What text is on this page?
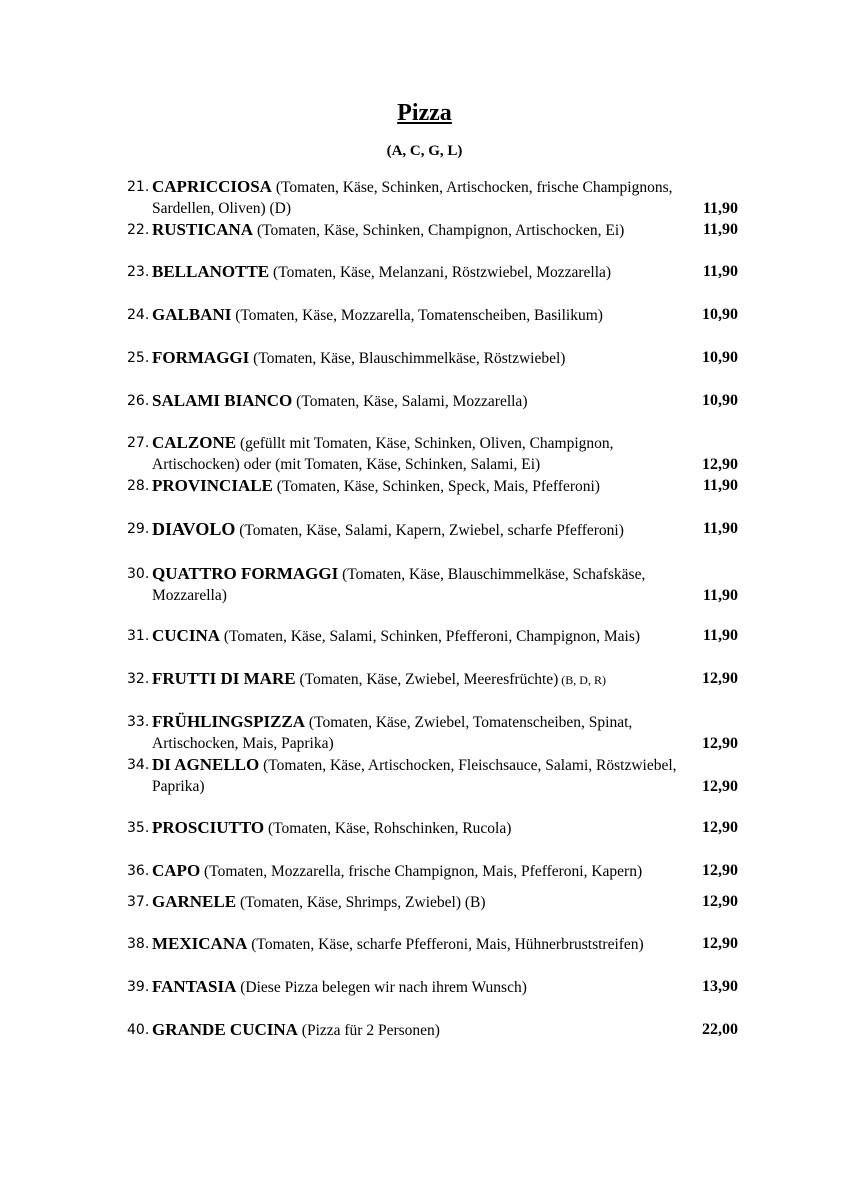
Pizza
(A, C, G, L)
21. CAPRICCIOSA (Tomaten, Käse, Schinken, Artischocken, frische Champignons,
Sardellen, Oliven) (D)	11,90
22. RUSTICANA (Tomaten, Käse, Schinken, Champignon, Artischocken, Ei)	11,90
23. BELLANOTTE (Tomaten, Käse, Melanzani, Röstzwiebel, Mozzarella)	11,90
24. GALBANI (Tomaten, Käse, Mozzarella, Tomatenscheiben, Basilikum)	10,90
25. FORMAGGI (Tomaten, Käse, Blauschimmelkäse, Röstzwiebel)	10,90
26. SALAMI BIANCO (Tomaten, Käse, Salami, Mozzarella)	10,90
27. CALZONE (gefüllt mit Tomaten, Käse, Schinken, Oliven, Champignon,
Artischocken) oder (mit Tomaten, Käse, Schinken, Salami, Ei)	12,90
28. PROVINCIALE (Tomaten, Käse, Schinken, Speck, Mais, Pfefferoni)	11,90
29. DIAVOLO (Tomaten, Käse, Salami, Kapern, Zwiebel, scharfe Pfefferoni)	11,90
30. QUATTRO FORMAGGI (Tomaten, Käse, Blauschimmelkäse, Schafskäse,
Mozzarella)	11,90
31. CUCINA (Tomaten, Käse, Salami, Schinken, Pfefferoni, Champignon, Mais)	11,90
32. FRUTTI DI MARE (Tomaten, Käse, Zwiebel, Meeresfrüchte) (B, D, R)	12,90
33. FRÜHLINGSPIZZA (Tomaten, Käse, Zwiebel, Tomatenscheiben, Spinat,
Artischocken, Mais, Paprika)	12,90
34. DI AGNELLO (Tomaten, Käse, Artischocken, Fleischsauce, Salami, Röstzwiebel,
Paprika)	12,90
35. PROSCIUTTO (Tomaten, Käse, Rohschinken, Rucola)	12,90
36. CAPO (Tomaten, Mozzarella, frische Champignon, Mais, Pfefferoni, Kapern)	12,90
37. GARNELE (Tomaten, Käse, Shrimps, Zwiebel) (B)	12,90
38. MEXICANA (Tomaten, Käse, scharfe Pfefferoni, Mais, Hühnerbruststreifen)	12,90
39. FANTASIA (Diese Pizza belegen wir nach ihrem Wunsch)	13,90
40. GRANDE CUCINA (Pizza für 2 Personen)	22,00
